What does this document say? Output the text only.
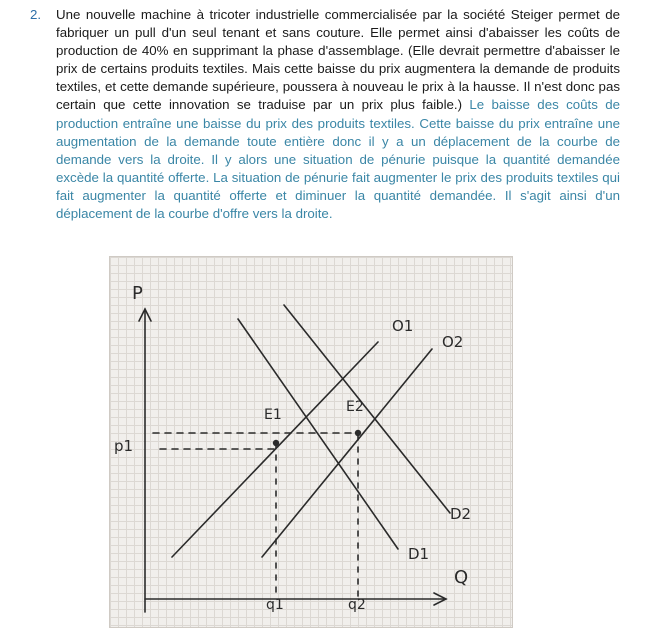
2.	Une nouvelle machine à tricoter industrielle commercialisée par la société Steiger permet de fabriquer un pull d'un seul tenant et sans couture. Elle permet ainsi d'abaisser les coûts de production de 40% en supprimant la phase d'assemblage. (Elle devrait permettre d'abaisser le prix de certains produits textiles. Mais cette baisse du prix augmentera la demande de produits textiles, et cette demande supérieure, poussera à nouveau le prix à la hausse. Il n'est donc pas certain que cette innovation se traduise par un prix plus faible.) Le baisse des coûts de production entraîne une baisse du prix des produits textiles. Cette baisse du prix entraîne une augmentation de la demande toute entière donc il y a un déplacement de la courbe de demande vers la droite. Il y alors une situation de pénurie puisque la quantité demandée excède la quantité offerte. La situation de pénurie fait augmenter le prix des produits textiles qui fait augmenter la quantité offerte et diminuer la quantité demandée. Il s'agit ainsi d'un déplacement de la courbe d'offre vers la droite.
P
Q
p1
O1
O2
D1
D2
E1	E2
q1	q2
